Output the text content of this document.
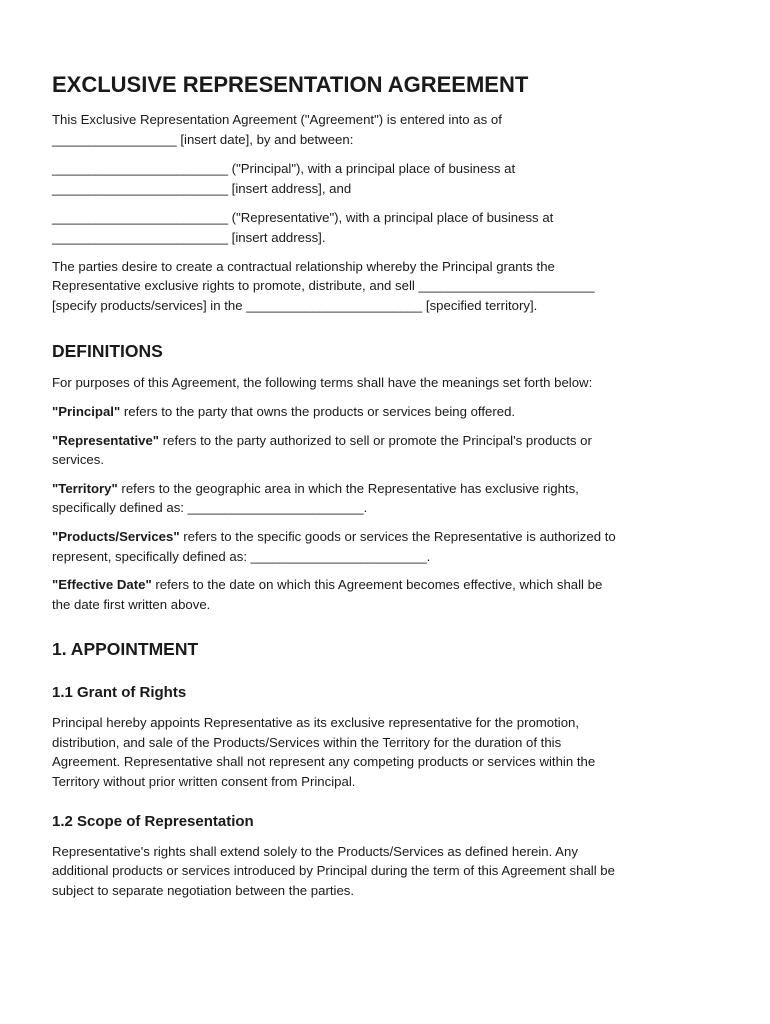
EXCLUSIVE REPRESENTATION AGREEMENT
This Exclusive Representation Agreement ("Agreement") is entered into as of
_________________ [insert date], by and between:
________________________ ("Principal"), with a principal place of business at
________________________ [insert address], and
________________________ ("Representative"), with a principal place of business at
________________________ [insert address].
The parties desire to create a contractual relationship whereby the Principal grants the
Representative exclusive rights to promote, distribute, and sell ________________________
[specify products/services] in the ________________________ [specified territory].
DEFINITIONS
For purposes of this Agreement, the following terms shall have the meanings set forth below:
"Principal" refers to the party that owns the products or services being offered.
"Representative" refers to the party authorized to sell or promote the Principal's products or
services.
"Territory" refers to the geographic area in which the Representative has exclusive rights,
specifically defined as: ________________________.
"Products/Services" refers to the specific goods or services the Representative is authorized to
represent, specifically defined as: ________________________.
"Effective Date" refers to the date on which this Agreement becomes effective, which shall be
the date first written above.
1. APPOINTMENT
1.1 Grant of Rights
Principal hereby appoints Representative as its exclusive representative for the promotion,
distribution, and sale of the Products/Services within the Territory for the duration of this
Agreement. Representative shall not represent any competing products or services within the
Territory without prior written consent from Principal.
1.2 Scope of Representation
Representative's rights shall extend solely to the Products/Services as defined herein. Any
additional products or services introduced by Principal during the term of this Agreement shall be
subject to separate negotiation between the parties.
